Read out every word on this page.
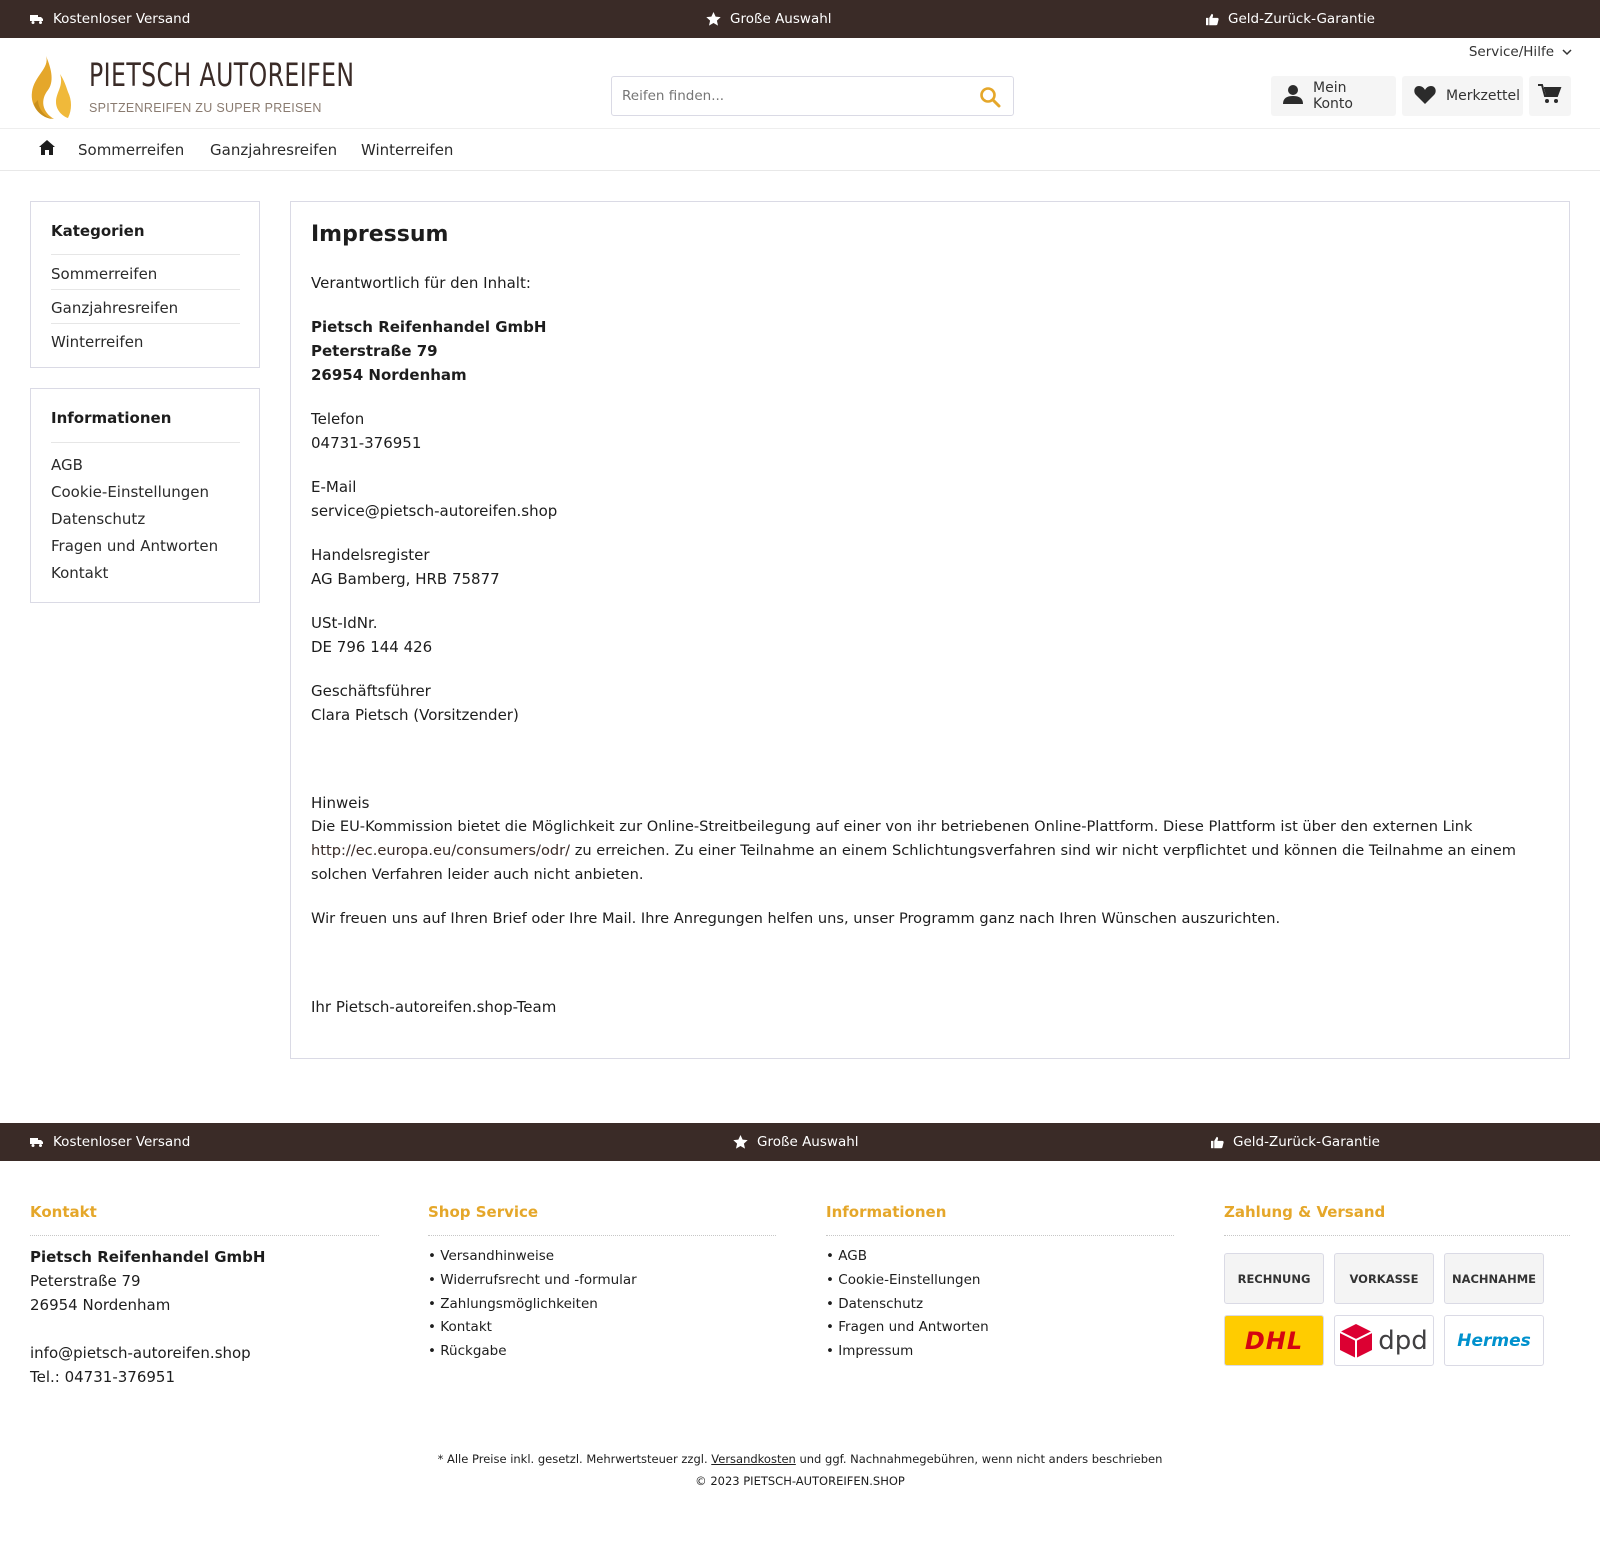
Kostenloser Versand	Große Auswahl	Geld-Zurück-Garantie
PIETSCH AUTOREIFEN
SPITZENREIFEN ZU SUPER PREISEN
Service/Hilfe
Reifen finden...
Mein Konto	Merkzettel
Sommerreifen Ganzjahresreifen Winterreifen
Kategorien
Sommerreifen
Ganzjahresreifen
Winterreifen
Informationen
AGB
Cookie-Einstellungen
Datenschutz
Fragen und Antworten
Kontakt
Impressum
Verantwortlich für den Inhalt:
Pietsch Reifenhandel GmbH
Peterstraße 79
26954 Nordenham
Telefon
04731-376951
E-Mail
service@pietsch-autoreifen.shop
Handelsregister
AG Bamberg, HRB 75877
USt-IdNr.
DE 796 144 426
Geschäftsführer
Clara Pietsch (Vorsitzender)
Hinweis
Die EU-Kommission bietet die Möglichkeit zur Online-Streitbeilegung auf einer von ihr betriebenen Online-Plattform. Diese Plattform ist über den externen Link
http://ec.europa.eu/consumers/odr/ zu erreichen. Zu einer Teilnahme an einem Schlichtungsverfahren sind wir nicht verpflichtet und können die Teilnahme an einem
solchen Verfahren leider auch nicht anbieten.
Wir freuen uns auf Ihren Brief oder Ihre Mail. Ihre Anregungen helfen uns, unser Programm ganz nach Ihren Wünschen auszurichten.
Ihr Pietsch-autoreifen.shop-Team
Kostenloser Versand	Große Auswahl	Geld-Zurück-Garantie
Kontakt
Pietsch Reifenhandel GmbH
Peterstraße 79
26954 Nordenham
info@pietsch-autoreifen.shop
Tel.: 04731-376951
Shop Service
• Versandhinweise
• Widerrufsrecht und -formular
• Zahlungsmöglichkeiten
• Kontakt
• Rückgabe
Informationen
• AGB
• Cookie-Einstellungen
• Datenschutz
• Fragen und Antworten
• Impressum
Zahlung & Versand
RECHNUNG	VORKASSE	NACHNAHME
DHL	dpd Hermes
* Alle Preise inkl. gesetzl. Mehrwertsteuer zzgl. Versandkosten und ggf. Nachnahmegebühren, wenn nicht anders beschrieben
© 2023 PIETSCH-AUTOREIFEN.SHOP
